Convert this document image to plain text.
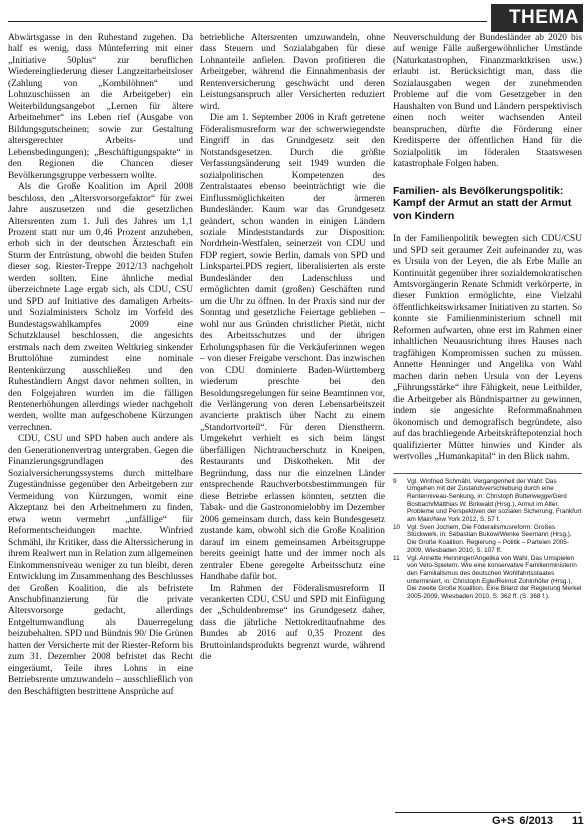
THEMA

Abwärtsgasse in den Ruhestand zugehen. Da half es wenig, dass Münteferring mit einer „Initiative 50plus“ zur beruflichen Wiedereingliederung dieser Langzeitarbeitsloser (Zahlung von „Kombilöhnen“ und Lohnzuschüssen an die Arbeitgeber) ein Weiterbildungsangebot „Lernen für ältere Arbeitnehmer“ ins Leben rief (Ausgabe von Bildungsgutscheinen; sowie zur Gestaltung altersgerechter Arbeits- und Lebensbedingungen); „Beschäftigungspakte“ in den Regionen die Chancen dieser Bevölkerungsgruppe verbessern wollte.

Als die Große Koalition im April 2008 beschloss, den „Altersvorsorgefaktor“ für zwei Jahre auszusetzen und die gesetzlichen Altersrenten zum 1. Juli des Jahres um 1,1 Prozent statt nur um 0,46 Prozent anzuheben, erhob sich in der deutschen Ärzteschaft ein Sturm der Entrüstung, obwohl die beiden Stufen dieser sog. Riester-Treppe 2012/13 nachgeholt werden sollten. Eine ähnliche medial überzeichnete Lage ergab sich, als CDU, CSU und SPD auf Initiative des damaligen Arbeits- und Sozialministers Scholz im Vorfeld des Bundestagswahlkampfes 2009 eine Schutzklausel beschlossen, die angesichts erstmals nach dem zweiten Weltkrieg sinkender Bruttolöhne zumindest eine nominale Rentenkürzung ausschließen und den Ruheständlern Angst davor nehmen sollten, in den Folgejahren wurden im die fälligen Rentenerhöhungen allerdings wieder nachgeholt werden, wollte man aufgeschobene Kürzungen verrechnen.

CDU, CSU und SPD haben auch andere als den Generationenvertrag untergraben. Gegen die Finanzierungsgrundlagen des Sozialversicherungssystems durch mittelbare Zugeständnisse gegenüber den Arbeitgebern zur Vermeidung von Kürzungen, womit eine Akzeptanz bei den Arbeitnehmern zu finden, etwa wenn vermehrt „unfällige“ für Reformentscheidungen machte. Winfried Schmähl, ihr Kritiker, dass die Alterssicherung in ihrem Realwert nun in Relation zum allgemeinen Einkommensniveau weniger zu tun bleibt, deren Entwicklung im Zusammenhang des Beschlusses der Großen Koalition, die als befristete Anschubfinanzierung für die private Altersvorsorge gedacht, allerdings Entgeltumwandlung als Dauerregelung beizubehalten. SPD und Bündnis 90/ Die Grünen hatten der Versicherte mit der Riester-Reform bis zum 31. Dezember 2008 befristet das Recht eingeräumt, Teile ihres Lohns in eine Betriebsrente umzuwandeln – ausschließlich von den Beschäftigten bestrittene Ansprüche auf

betriebliche Altersrenten umzuwandeln, ohne dass Steuern und Sozialabgaben für diese Lohnanteile anfielen. Davon profitieren die Arbeitgeber, während die Einnahmenbasis der Rentenversicherung geschwächt und deren Leistungsanspruch aller Versicherten reduziert wird.

Die am 1. September 2006 in Kraft getretene Föderalismusreform war der schwerwiegendste Eingriff in das Grundgesetz seit den Notstandsgesetzen. Durch die größte Verfassungsänderung seit 1949 wurden die sozialpolitischen Kompetenzen des Zentralstaates ebenso beeinträchtigt wie die Einflussmöglichkeiten der ärmeren Bundesländer. Kaum war das Grundgesetz geändert, schon wanden in einigen Ländern soziale Mindeststandards zur Disposition: Nordrhein-Westfalen, seinerzeit von CDU und FDP regiert, sowie Berlin, damals von SPD und Linkspartei.PDS regiert, liberalisierten als erste Bundesländer den Ladenschluss und ermöglichten damit (großen) Geschäften rund um die Uhr zu öffnen. In der Praxis sind nur der Sonntag und gesetzliche Feiertage geblieben – wohl nur aus Gründen christlicher Pietät, nicht des Arbeitsschutzes und der übrigen Erholungsphasen für die Verkäuferinnen wegen – von dieser Freigabe verschont. Das inzwischen von CDU dominierte Baden-Württemberg wiederum preschte bei den Besoldungsregelungen für seine Beamtinnen vor, die Verlängerung von deren Lebensarbeitszeit avancierte praktisch über Nacht zu einem „Standortvorteil“. Für deren Dienstherrn. Umgekehrt verhielt es sich beim längst überfälligen Nichtraucherschutz in Kneipen, Restaurants und Diskotheken. Mit der Begründung, dass nur die einzelnen Länder entsprechende Rauchverbotsbestimmungen für diese Betriebe erlassen könnten, setzten die Tabak- und die Gastronomielobby im Dezember 2006 gemeinsam durch, dass kein Bundesgesetz zustande kam, obwohl sich die Große Koalition darauf im einem gemeinsamen Arbeitsgruppe bereits geeinigt hatte und der immer noch als zentraler Ebene geregelte Arbeitsschutz eine Handhabe dafür bot.

Im Rahmen der Föderalismusreform II verankerten CDU, CSU und SPD mit Einfügung der „Schuldenbremse“ ins Grundgesetz daher, dass die jährliche Nettokreditaufnahme des Bundes ab 2016 auf 0,35 Prozent des Bruttoinlandsprodukts begrenzt wurde, während die

Neuverschuldung der Bundesländer ab 2020 bis auf wenige Fälle außergewöhnlicher Umstände (Naturkatastrophen, Finanzmarktkrisen usw.) erlaubt ist. Berücksichtigt man, dass die Sozialausgaben wegen der zunehmenden Probleme auf die vom Gesetzgeber in den Haushalten von Bund und Ländern perspektivisch einen noch weiter wachsenden Anteil beanspruchen, dürfte die Förderung einer Kreditsperre der öffentlichen Hand für die Sozialpolitik im föderalen Staatswesen katastrophale Folgen haben.

Familien- als Bevölkerungspolitik: Kampf der Armut an statt der Armut von Kindern

In der Familienpolitik bewegten sich CDU/CSU und SPD seit geraumer Zeit aufeinander zu, was es Ursula von der Leyen, die als Erbe Malle an Kontinuität gegenüber ihrer sozialdemokratischen Amtsvorgängerin Renate Schmidt verkörperte, in dieser Funktion ermöglichte, eine Vielzahl öffentlichkeitswirksamer Initiativen zu starten. So konnte sie Familienministerium schnell mit Reformen aufwarten, ohne erst im Rahmen einer inhaltlichen Neuausrichtung ihres Hauses nach tragfähigen Kompromissen suchen zu müssen. Annette Henninger und Angelika von Wahl machen darin neben Ursula von der Leyens „Führungsstärke“ ihre Fähigkeit, neue Leitbilder, die Arbeitgeber als Bündnispartner zu gewinnen, indem sie angesichte Reformmaßnahmen ökonomisch und demografisch begründete, also auf das brachliegende Arbeitskräftepotenzial hoch qualifizierter Mütter hinwies und Kinder als wertvolles „Humankapital“ in den Blick nahm.

9	Vgl. Winfried Schmähl, Vergangenheit der Wahl: Das Umgehen mit der Zustandsverschiebung durch eine Rentenniveau-Senkung, in: Christoph Butterwegge/Gerd Bosbach/Matthias W. Birkwald (Hrsg.), Armut im Alter. Probleme und Perspektiven der sozialen Sicherung, Frankfurt am Main/New York 2012, S. 57 f.
10	Vgl. Sven Jochem, Die Föderalismusreform: Großes Stückwerk, in: Sebastian Bukow/Wenke Seemann (Hrsg.), Die Große Koalition. Regierung – Politik – Parteien 2005-2009, Wiesbaden 2010, S. 107 ff.
11	Vgl. Annette Henninger/Angelika von Wahl, Das Umspielen von Veto-Spielern. Wie eine konservative Familienministerin den Familialismus des deutschen Wohlfahrtsstaates unterminiert, in: Christoph Egle/Reimut Zohlnhöfer (Hrsg.), Die zweite Große Koalition. Eine Bilanz der Regierung Merkel 2005-2009, Wiesbaden 2010, S. 362 ff. (S. 368 f.).
G+S 6/2013 11
